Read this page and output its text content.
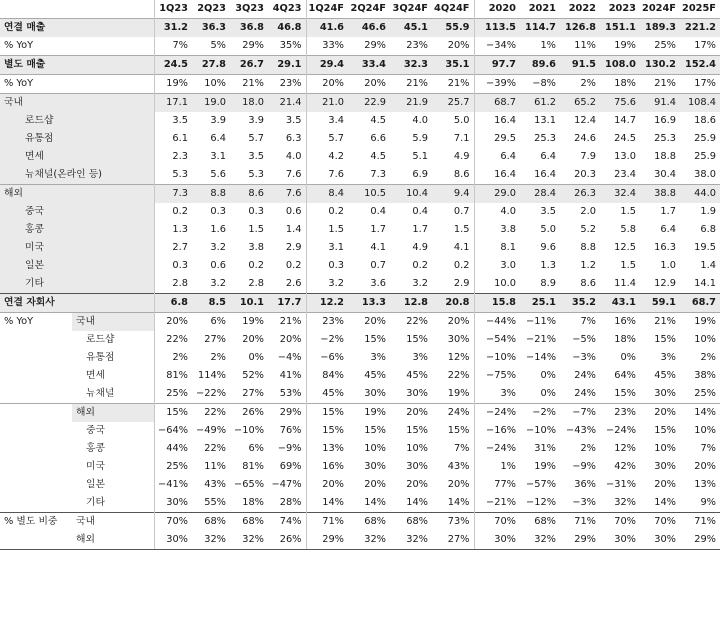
		1Q23	2Q23	3Q23	4Q23	1Q24F	2Q24F	3Q24F	4Q24F	2020	2021	2022	2023	2024F	2025F
연결 매출		31.2	36.3	36.8	46.8	41.6	46.6	45.1	55.9	113.5	114.7	126.8	151.1	189.3	221.2
% YoY		7%	5%	29%	35%	33%	29%	23%	20%	−34%	1%	11%	19%	25%	17%
별도 매출		24.5	27.8	26.7	29.1	29.4	33.4	32.3	35.1	97.7	89.6	91.5	108.0	130.2	152.4
% YoY		19%	10%	21%	23%	20%	20%	21%	21%	−39%	−8%	2%	18%	21%	17%
국내		17.1	19.0	18.0	21.4	21.0	22.9	21.9	25.7	68.7	61.2	65.2	75.6	91.4	108.4
로드샵		3.5	3.9	3.9	3.5	3.4	4.5	4.0	5.0	16.4	13.1	12.4	14.7	16.9	18.6
유통점		6.1	6.4	5.7	6.3	5.7	6.6	5.9	7.1	29.5	25.3	24.6	24.5	25.3	25.9
면세		2.3	3.1	3.5	4.0	4.2	4.5	5.1	4.9	6.4	6.4	7.9	13.0	18.8	25.9
뉴채널(온라인 등)		5.3	5.6	5.3	7.6	7.6	7.3	6.9	8.6	16.4	16.4	20.3	23.4	30.4	38.0
해외		7.3	8.8	8.6	7.6	8.4	10.5	10.4	9.4	29.0	28.4	26.3	32.4	38.8	44.0
중국		0.2	0.3	0.3	0.6	0.2	0.4	0.4	0.7	4.0	3.5	2.0	1.5	1.7	1.9
홍콩		1.3	1.6	1.5	1.4	1.5	1.7	1.7	1.5	3.8	5.0	5.2	5.8	6.4	6.8
미국		2.7	3.2	3.8	2.9	3.1	4.1	4.9	4.1	8.1	9.6	8.8	12.5	16.3	19.5
일본		0.3	0.6	0.2	0.2	0.3	0.7	0.2	0.2	3.0	1.3	1.2	1.5	1.0	1.4
기타		2.8	3.2	2.8	2.6	3.2	3.6	3.2	2.9	10.0	8.9	8.6	11.4	12.9	14.1
연결 자회사		6.8	8.5	10.1	17.7	12.2	13.3	12.8	20.8	15.8	25.1	35.2	43.1	59.1	68.7
% YoY	국내	20%	6%	19%	21%	23%	20%	22%	20%	−44%	−11%	7%	16%	21%	19%
	로드샵	22%	27%	20%	20%	−2%	15%	15%	30%	−54%	−21%	−5%	18%	15%	10%
	유통점	2%	2%	0%	−4%	−6%	3%	3%	12%	−10%	−14%	−3%	0%	3%	2%
	면세	81%	114%	52%	41%	84%	45%	45%	22%	−75%	0%	24%	64%	45%	38%
	뉴채널	25%	−22%	27%	53%	45%	30%	30%	19%	3%	0%	24%	15%	30%	25%
	해외	15%	22%	26%	29%	15%	19%	20%	24%	−24%	−2%	−7%	23%	20%	14%
	중국	−64%	−49%	−10%	76%	15%	15%	15%	15%	−16%	−10%	−43%	−24%	15%	10%
	홍콩	44%	22%	6%	−9%	13%	10%	10%	7%	−24%	31%	2%	12%	10%	7%
	미국	25%	11%	81%	69%	16%	30%	30%	43%	1%	19%	−9%	42%	30%	20%
	일본	−41%	43%	−65%	−47%	20%	20%	20%	20%	77%	−57%	36%	−31%	20%	13%
	기타	30%	55%	18%	28%	14%	14%	14%	14%	−21%	−12%	−3%	32%	14%	9%
% 별도 비중	국내	70%	68%	68%	74%	71%	68%	68%	73%	70%	68%	71%	70%	70%	71%
	해외	30%	32%	32%	26%	29%	32%	32%	27%	30%	32%	29%	30%	30%	29%
